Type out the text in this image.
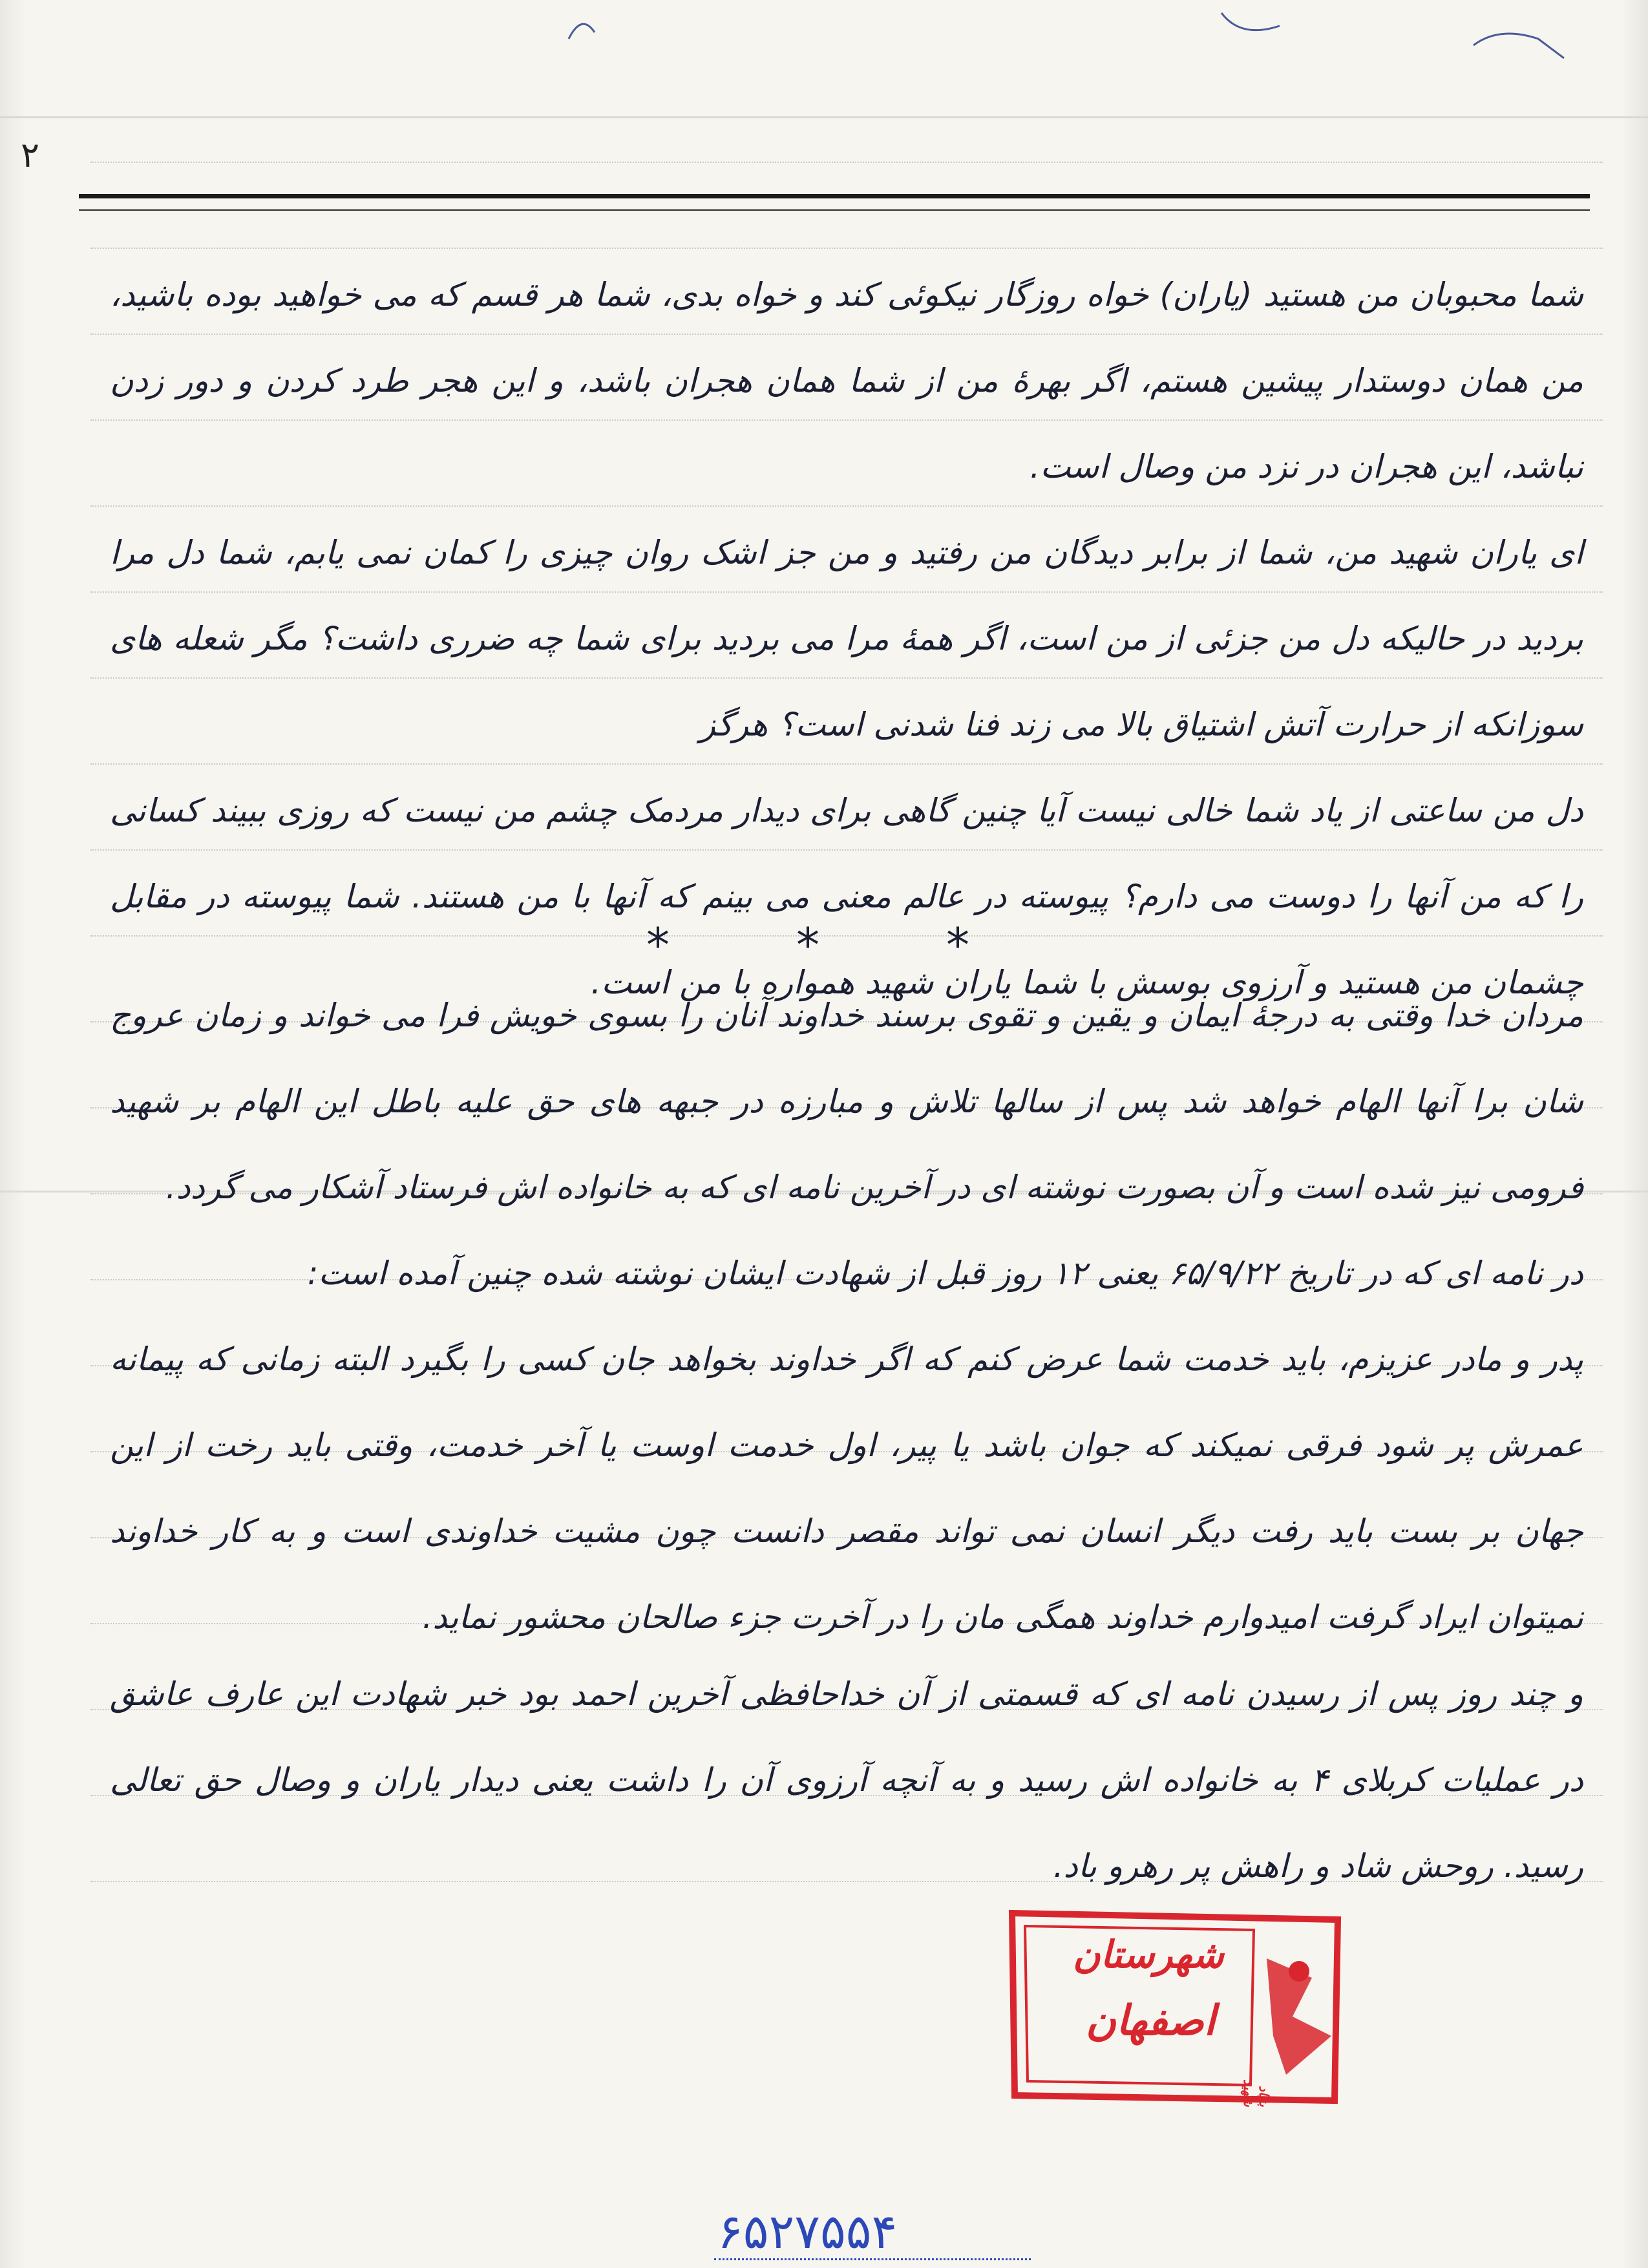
۲

شما محبوبان من هستید (یاران) خواه روزگار نیکوئی کند و خواه بدی، شما هر قسم که می خواهید بوده باشید، من همان دوستدار پیشین هستم، اگر بهرهٔ من از شما همان هجران باشد، و این هجر طرد کردن و دور زدن نباشد، این هجران در نزد من وصال است.

ای یاران شهید من، شما از برابر دیدگان من رفتید و من جز اشک روان چیزی را کمان نمی یابم، شما دل مرا بردید در حالیکه دل من جزئی از من است، اگر همهٔ مرا می بردید برای شما چه ضرری داشت؟ مگر شعله های سوزانکه از حرارت آتش اشتیاق بالا می زند فنا شدنی است؟ هرگز

دل من ساعتی از یاد شما خالی نیست آیا چنین گاهی برای دیدار مردمک چشم من نیست که روزی ببیند کسانی را که من آنها را دوست می دارم؟ پیوسته در عالم معنی می بینم که آنها با من هستند. شما پیوسته در مقابل چشمان من هستید و آرزوی بوسش با شما یاران شهید همواره با من است.

*	*	*

مردان خدا وقتی به درجهٔ ایمان و یقین و تقوی برسند خداوند آنان را بسوی خویش فرا می خواند و زمان عروج شان برا آنها الهام خواهد شد پس از سالها تلاش و مبارزه در جبهه های حق علیه باطل این الهام بر شهید فرومی نیز شده است و آن بصورت نوشته ای در آخرین نامه ای که به خانواده اش فرستاد آشکار می گردد.

در نامه ای که در تاریخ ۶۵/۹/۲۲ یعنی ۱۲ روز قبل از شهادت ایشان نوشته شده چنین آمده است:

پدر و مادر عزیزم، باید خدمت شما عرض کنم که اگر خداوند بخواهد جان کسی را بگیرد البته زمانی که پیمانه عمرش پر شود فرقی نمیکند که جوان باشد یا پیر، اول خدمت اوست یا آخر خدمت، وقتی باید رخت از این جهان بر بست باید رفت دیگر انسان نمی تواند مقصر دانست چون مشیت خداوندی است و به کار خداوند نمیتوان ایراد گرفت امیدوارم خداوند همگی مان را در آخرت جزء صالحان محشور نماید.

و چند روز پس از رسیدن نامه ای که قسمتی از آن خداحافظی آخرین احمد بود خبر شهادت این عارف عاشق در عملیات کربلای ۴ به خانواده اش رسید و به آنچه آرزوی آن را داشت یعنی دیدار یاران و وصال حق تعالی رسید. روحش شاد و راهش پر رهرو باد.

شهرستان
اصفهان
بنیاد شهید
۶۵۲۷۵۵۴
